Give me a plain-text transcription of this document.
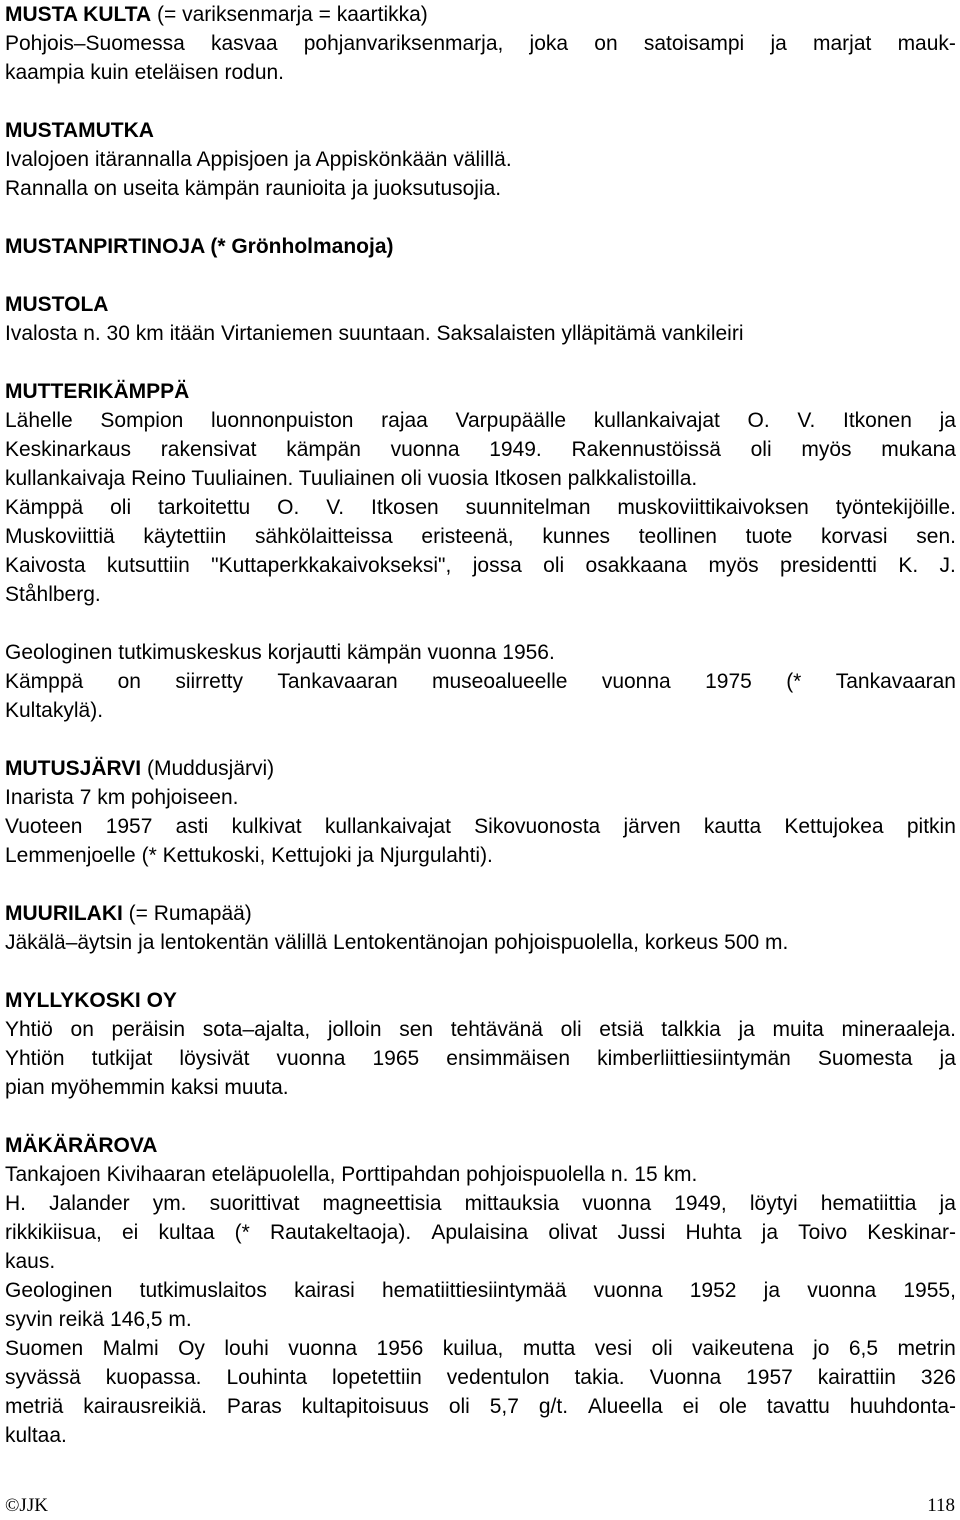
MUSTA KULTA (= variksenmarja = kaartikka)
Pohjois–Suomessa kasvaa pohjanvariksenmarja, joka on satoisampi ja marjat mauk-
kaampia kuin eteläisen rodun.
MUSTAMUTKA
Ivalojoen itärannalla Appisjoen ja Appiskönkään välillä.
Rannalla on useita kämpän raunioita ja juoksutusojia.
MUSTANPIRTINOJA (* Grönholmanoja)
MUSTOLA
Ivalosta n. 30 km itään Virtaniemen suuntaan. Saksalaisten ylläpitämä vankileiri
MUTTERIKÄMPPÄ
Lähelle Sompion luonnonpuiston rajaa Varpupäälle kullankaivajat O. V. Itkonen ja
Keskinarkaus rakensivat kämpän vuonna 1949. Rakennustöissä oli myös mukana
kullankaivaja Reino Tuuliainen. Tuuliainen oli vuosia Itkosen palkkalistoilla.
Kämppä oli tarkoitettu O. V. Itkosen suunnitelman muskoviittikaivoksen työntekijöille.
Muskoviittiä käytettiin sähkölaitteissa eristeenä, kunnes teollinen tuote korvasi sen.
Kaivosta kutsuttiin "Kuttaperkkakaivokseksi", jossa oli osakkaana myös presidentti K. J.
Ståhlberg.
Geologinen tutkimuskeskus korjautti kämpän vuonna 1956.
Kämppä on siirretty Tankavaaran museoalueelle vuonna 1975 (* Tankavaaran
Kultakylä).
MUTUSJÄRVI (Muddusjärvi)
Inarista 7 km pohjoiseen.
Vuoteen 1957 asti kulkivat kullankaivajat Sikovuonosta järven kautta Kettujokea pitkin
Lemmenjoelle (* Kettukoski, Kettujoki ja Njurgulahti).
MUURILAKI (= Rumapää)
Jäkälä–äytsin ja lentokentän välillä Lentokentänojan pohjoispuolella, korkeus 500 m.
MYLLYKOSKI OY
Yhtiö on peräisin sota–ajalta, jolloin sen tehtävänä oli etsiä talkkia ja muita mineraaleja.
Yhtiön tutkijat löysivät vuonna 1965 ensimmäisen kimberliittiesiintymän Suomesta ja
pian myöhemmin kaksi muuta.
MÄKÄRÄROVA
Tankajoen Kivihaaran eteläpuolella, Porttipahdan pohjoispuolella n. 15 km.
H. Jalander ym. suorittivat magneettisia mittauksia vuonna 1949, löytyi hematiittia ja
rikkikiisua, ei kultaa (* Rautakeltaoja). Apulaisina olivat Jussi Huhta ja Toivo Keskinar-
kaus.
Geologinen tutkimuslaitos kairasi hematiittiesiintymää vuonna 1952 ja vuonna 1955,
syvin reikä 146,5 m.
Suomen Malmi Oy louhi vuonna 1956 kuilua, mutta vesi oli vaikeutena jo 6,5 metrin
syvässä kuopassa. Louhinta lopetettiin vedentulon takia. Vuonna 1957 kairattiin 326
metriä kairausreikiä. Paras kultapitoisuus oli 5,7 g/t. Alueella ei ole tavattu huuhdonta-
kultaa.
©JJK	118
